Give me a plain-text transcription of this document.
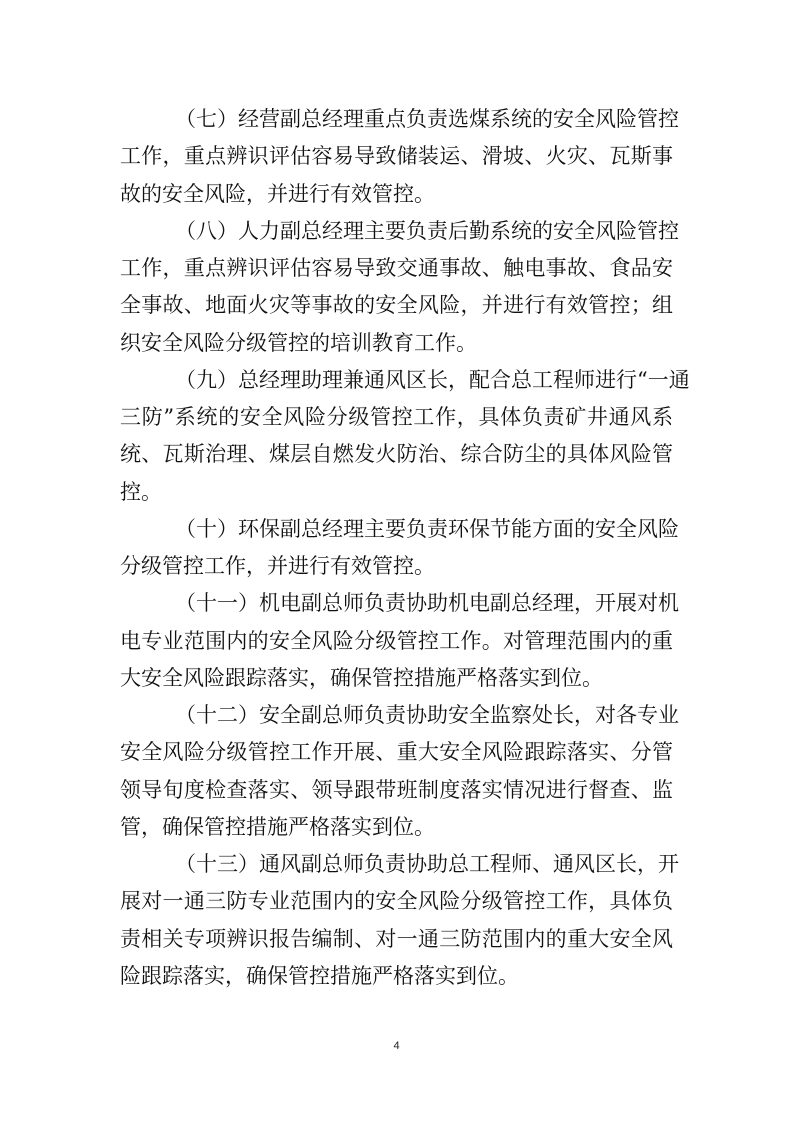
（七）经营副总经理重点负责选煤系统的安全风险管控
工作，重点辨识评估容易导致储装运、滑坡、火灾、瓦斯事
故的安全风险，并进行有效管控。
（八）人力副总经理主要负责后勤系统的安全风险管控
工作，重点辨识评估容易导致交通事故、触电事故、食品安
全事故、地面火灾等事故的安全风险，并进行有效管控；组
织安全风险分级管控的培训教育工作。
（九）总经理助理兼通风区长，配合总工程师进行“一通
三防”系统的安全风险分级管控工作，具体负责矿井通风系
统、瓦斯治理、煤层自燃发火防治、综合防尘的具体风险管
控。
（十）环保副总经理主要负责环保节能方面的安全风险
分级管控工作，并进行有效管控。
（十一）机电副总师负责协助机电副总经理，开展对机
电专业范围内的安全风险分级管控工作。对管理范围内的重
大安全风险跟踪落实，确保管控措施严格落实到位。
（十二）安全副总师负责协助安全监察处长，对各专业
安全风险分级管控工作开展、重大安全风险跟踪落实、分管
领导旬度检查落实、领导跟带班制度落实情况进行督查、监
管，确保管控措施严格落实到位。
（十三）通风副总师负责协助总工程师、通风区长，开
展对一通三防专业范围内的安全风险分级管控工作，具体负
责相关专项辨识报告编制、对一通三防范围内的重大安全风
险跟踪落实，确保管控措施严格落实到位。
4
